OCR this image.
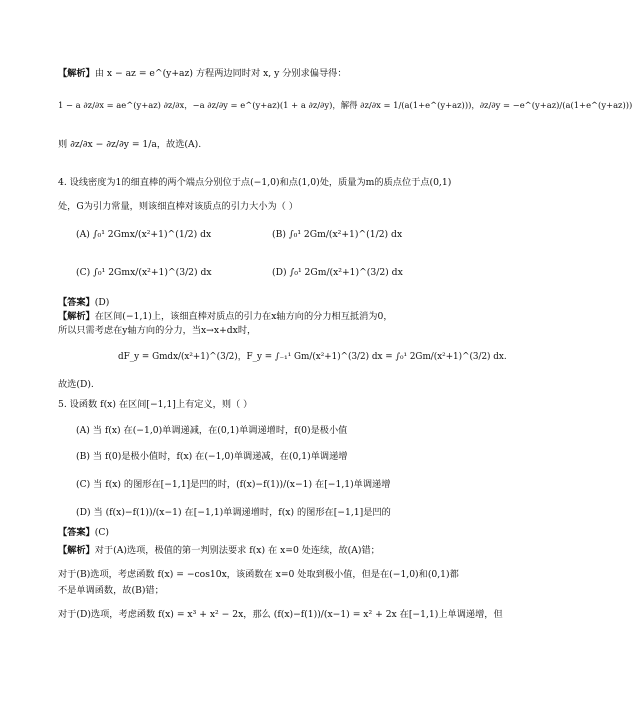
【解析】由 x − az = e^(y+az) 方程两边同时对 x, y 分别求偏导得：
1 − a ∂z/∂x = ae^(y+az) ∂z/∂x，−a ∂z/∂y = e^(y+az)(1 + a ∂z/∂y)，解得 ∂z/∂x = 1/(a(1+e^(y+az)))，∂z/∂y = −e^(y+az)/(a(1+e^(y+az)))
则 ∂z/∂x − ∂z/∂y = 1/a，故选(A).
4. 设线密度为1的细直棒的两个端点分别位于点(−1,0)和点(1,0)处，质量为m的质点位于点(0,1)
处，G为引力常量，则该细直棒对该质点的引力大小为（ ）
(A) ∫₀¹ 2Gmx/(x²+1)^(1/2) dx	(B) ∫₀¹ 2Gm/(x²+1)^(1/2) dx
(C) ∫₀¹ 2Gmx/(x²+1)^(3/2) dx	(D) ∫₀¹ 2Gm/(x²+1)^(3/2) dx
【答案】(D)
【解析】在区间(−1,1)上，该细直棒对质点的引力在x轴方向的分力相互抵消为0，
所以只需考虑在y轴方向的分力，当x→x+dx时，
dF_y = Gmdx/(x²+1)^(3/2)，F_y = ∫₋₁¹ Gm/(x²+1)^(3/2) dx = ∫₀¹ 2Gm/(x²+1)^(3/2) dx.
故选(D).
5. 设函数 f(x) 在区间[−1,1]上有定义，则（ ）
(A) 当 f(x) 在(−1,0)单调递减，在(0,1)单调递增时，f(0)是极小值
(B) 当 f(0)是极小值时，f(x) 在(−1,0)单调递减，在(0,1)单调递增
(C) 当 f(x) 的图形在[−1,1]是凹的时，(f(x)−f(1))/(x−1) 在[−1,1)单调递增
(D) 当 (f(x)−f(1))/(x−1) 在[−1,1)单调递增时，f(x) 的图形在[−1,1]是凹的
【答案】(C)
【解析】对于(A)选项，极值的第一判别法要求 f(x) 在 x=0 处连续，故(A)错；
对于(B)选项，考虑函数 f(x) = −cos10x，该函数在 x=0 处取到极小值，但是在(−1,0)和(0,1)都
不是单调函数，故(B)错；
对于(D)选项，考虑函数 f(x) = x³ + x² − 2x，那么 (f(x)−f(1))/(x−1) = x² + 2x 在[−1,1)上单调递增，但
